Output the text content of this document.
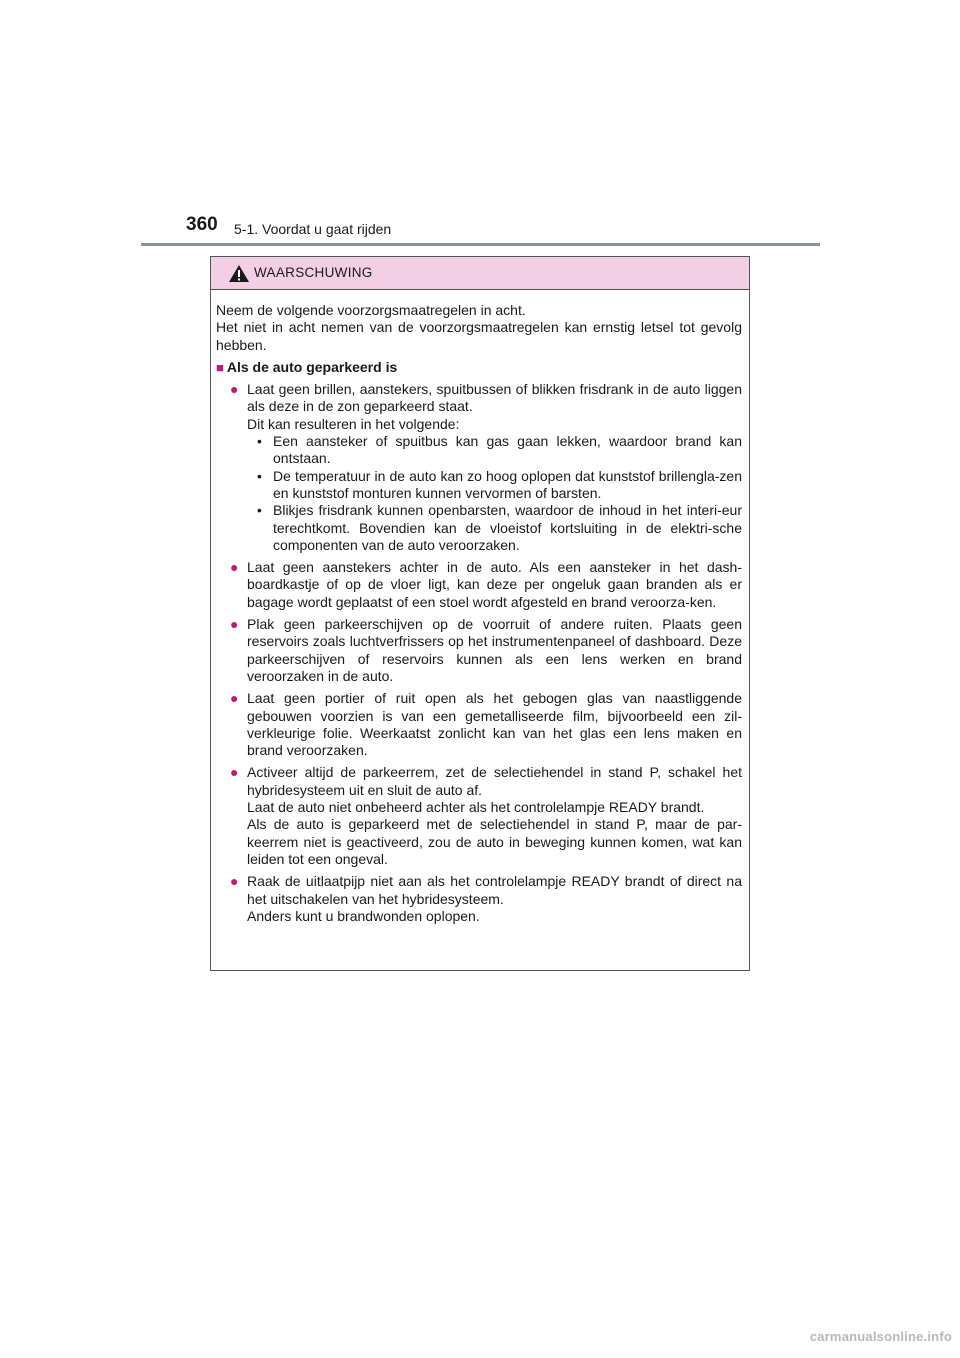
360 5-1. Voordat u gaat rijden
WAARSCHUWING

Neem de volgende voorzorgsmaatregelen in acht.

Het niet in acht nemen van de voorzorgsmaatregelen kan ernstig letsel tot gevolg hebben.

■ Als de auto geparkeerd is
● Laat geen brillen, aanstekers, spuitbussen of blikken frisdrank in de auto liggen als deze in de zon geparkeerd staat.

Dit kan resulteren in het volgende:

• Een aansteker of spuitbus kan gas gaan lekken, waardoor brand kan ontstaan.
• De temperatuur in de auto kan zo hoog oplopen dat kunststof brillengla-zen en kunststof monturen kunnen vervormen of barsten.
• Blikjes frisdrank kunnen openbarsten, waardoor de inhoud in het interi-eur terechtkomt. Bovendien kan de vloeistof kortsluiting in de elektri-sche componenten van de auto veroorzaken.
● Laat geen aanstekers achter in de auto. Als een aansteker in het dash-boardkastje of op de vloer ligt, kan deze per ongeluk gaan branden als er bagage wordt geplaatst of een stoel wordt afgesteld en brand veroorza-ken.

● Plak geen parkeerschijven op de voorruit of andere ruiten. Plaats geen reservoirs zoals luchtverfrissers op het instrumentenpaneel of dashboard. Deze parkeerschijven of reservoirs kunnen als een lens werken en brand veroorzaken in de auto.

● Laat geen portier of ruit open als het gebogen glas van naastliggende gebouwen voorzien is van een gemetalliseerde film, bijvoorbeeld een zil-verkleurige folie. Weerkaatst zonlicht kan van het glas een lens maken en brand veroorzaken.

● Activeer altijd de parkeerrem, zet de selectiehendel in stand P, schakel het hybridesysteem uit en sluit de auto af.

Laat de auto niet onbeheerd achter als het controlelampje READY brandt.

Als de auto is geparkeerd met de selectiehendel in stand P, maar de par-keerrem niet is geactiveerd, zou de auto in beweging kunnen komen, wat kan leiden tot een ongeval.

● Raak de uitlaatpijp niet aan als het controlelampje READY brandt of direct na het uitschakelen van het hybridesysteem.

Anders kunt u brandwonden oplopen.

carmanualsonline.info
